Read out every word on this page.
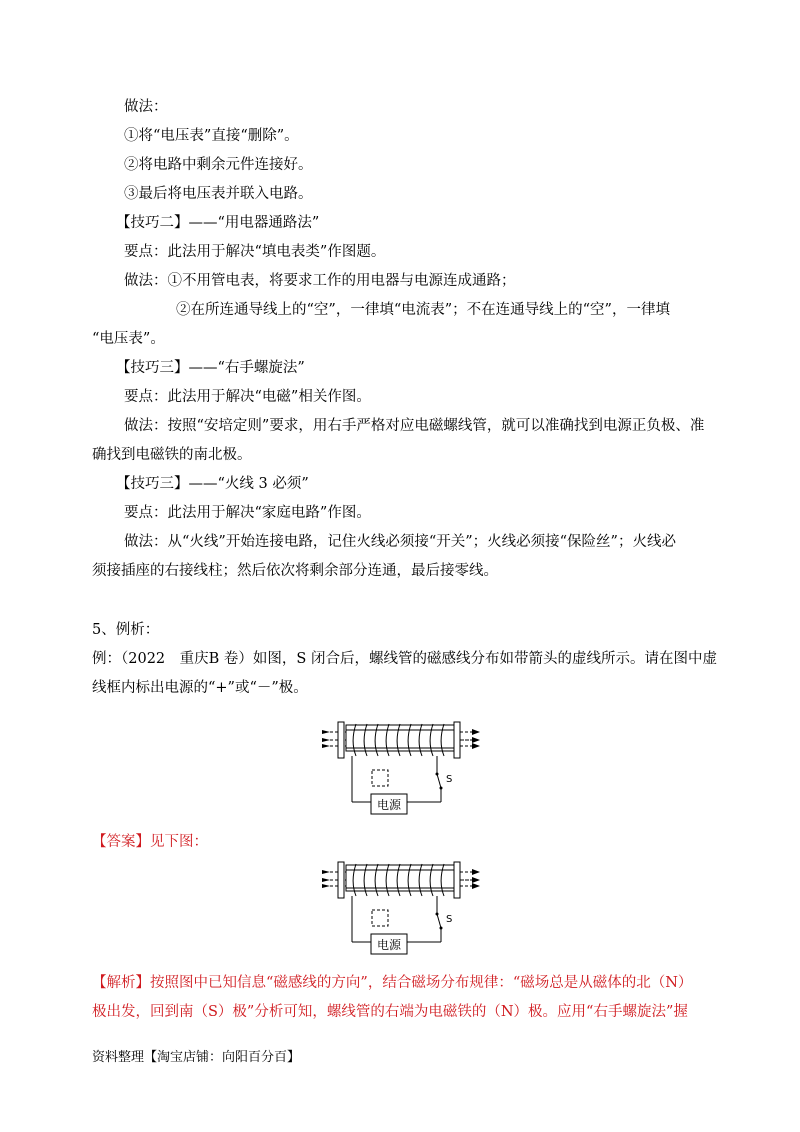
做法：
①将“电压表”直接“删除”。
②将电路中剩余元件连接好。
③最后将电压表并联入电路。
【技巧二】——“用电器通路法”
要点：此法用于解决“填电表类”作图题。
做法：①不用管电表，将要求工作的用电器与电源连成通路；
②在所连通导线上的“空”，一律填“电流表”；不在连通导线上的“空”，一律填
“电压表”。
【技巧三】——“右手螺旋法”
要点：此法用于解决“电磁”相关作图。
做法：按照“安培定则”要求，用右手严格对应电磁螺线管，就可以准确找到电源正负极、准
确找到电磁铁的南北极。
【技巧三】——“火线 3 必须”
要点：此法用于解决“家庭电路”作图。
做法：从“火线”开始连接电路，记住火线必须接“开关”；火线必须接“保险丝”；火线必
须接插座的右接线柱；然后依次将剩余部分连通，最后接零线。
5、例析：
例：（2022　重庆B 卷）如图，S 闭合后，螺线管的磁感线分布如带箭头的虚线所示。请在图中虚
线框内标出电源的“+”或“－”极。
电源
S
【答案】见下图：
电源
S
【解析】按照图中已知信息“磁感线的方向”，结合磁场分布规律：“磁场总是从磁体的北（N）
极出发，回到南（S）极”分析可知，螺线管的右端为电磁铁的（N）极。应用“右手螺旋法”握
资料整理【淘宝店铺：向阳百分百】
